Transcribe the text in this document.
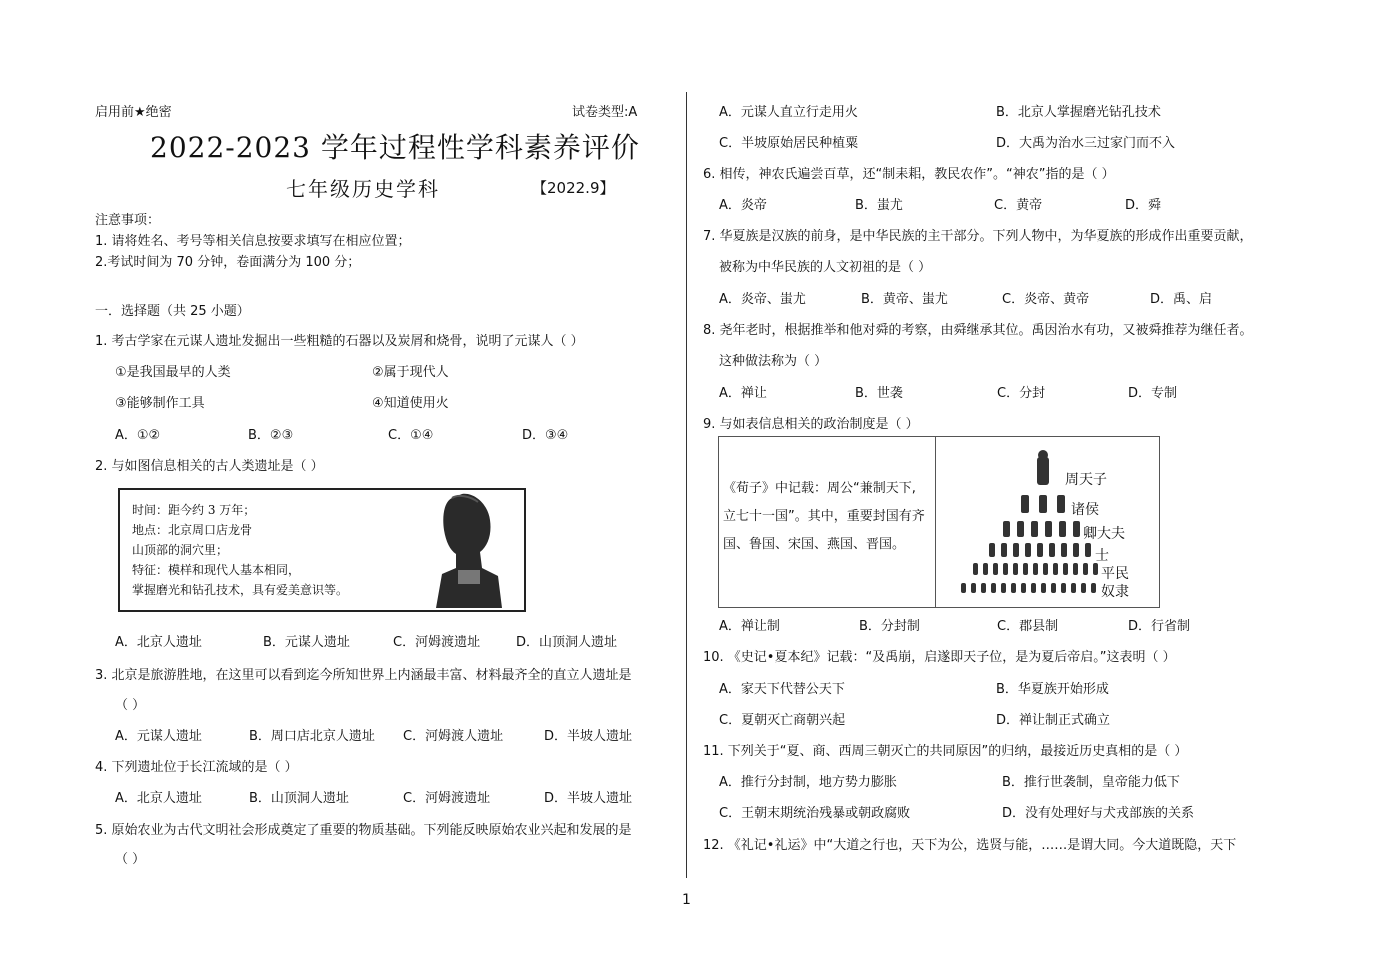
启用前★绝密	试卷类型:A
2022-2023 学年过程性学科素养评价
七年级历史学科	【2022.9】
注意事项：
1. 请将姓名、考号等相关信息按要求填写在相应位置；
2.考试时间为 70 分钟，卷面满分为 100 分；
一．选择题（共 25 小题）
1. 考古学家在元谋人遗址发掘出一些粗糙的石器以及炭屑和烧骨，说明了元谋人（ ）
①是我国最早的人类	②属于现代人
③能够制作工具	④知道使用火
A．①②	B．②③	C．①④	D．③④
2. 与如图信息相关的古人类遗址是（ ）
时间：距今约 3 万年；
地点：北京周口店龙骨
山顶部的洞穴里；
特征：模样和现代人基本相同，
掌握磨光和钻孔技术，具有爱美意识等。
A．北京人遗址	B．元谋人遗址	C．河姆渡遗址	D．山顶洞人遗址
3. 北京是旅游胜地，在这里可以看到迄今所知世界上内涵最丰富、材料最齐全的直立人遗址是
（ ）
A．元谋人遗址	B．周口店北京人遗址 C．河姆渡人遗址	D．半坡人遗址
4. 下列遗址位于长江流域的是（ ）
A．北京人遗址	B．山顶洞人遗址	C．河姆渡遗址	D．半坡人遗址
5. 原始农业为古代文明社会形成奠定了重要的物质基础。下列能反映原始农业兴起和发展的是
（ ）
A．元谋人直立行走用火	B．北京人掌握磨光钻孔技术
C．半坡原始居民种植粟	D．大禹为治水三过家门而不入
6. 相传，神农氏遍尝百草，还“制耒耜，教民农作”。“神农”指的是（ ）
A．炎帝	B．蚩尤	C．黄帝	D．舜
7. 华夏族是汉族的前身，是中华民族的主干部分。下列人物中，为华夏族的形成作出重要贡献，
被称为中华民族的人文初祖的是（ ）
A．炎帝、蚩尤	B．黄帝、蚩尤	C．炎帝、黄帝	D．禹、启
8. 尧年老时，根据推举和他对舜的考察，由舜继承其位。禹因治水有功，又被舜推荐为继任者。
这种做法称为（ ）
A．禅让	B．世袭	C．分封	D．专制
9. 与如表信息相关的政治制度是（ ）
《荀子》中记载：周公“兼制天下,
立七十一国”。其中，重要封国有齐
国、鲁国、宋国、燕国、晋国。
周天子
诸侯
卿大夫
士
平民
奴隶
A．禅让制	B．分封制	C．郡县制	D．行省制
10. 《史记•夏本纪》记载：“及禹崩，启遂即天子位，是为夏后帝启。”这表明（ ）
A．家天下代替公天下	B．华夏族开始形成
C．夏朝灭亡商朝兴起	D．禅让制正式确立
11. 下列关于“夏、商、西周三朝灭亡的共同原因”的归纳，最接近历史真相的是（ ）
A．推行分封制，地方势力膨胀	B．推行世袭制，皇帝能力低下
C．王朝末期统治残暴或朝政腐败	D．没有处理好与犬戎部族的关系
12. 《礼记•礼运》中“大道之行也，天下为公，选贤与能，……是谓大同。今大道既隐，天下
1
